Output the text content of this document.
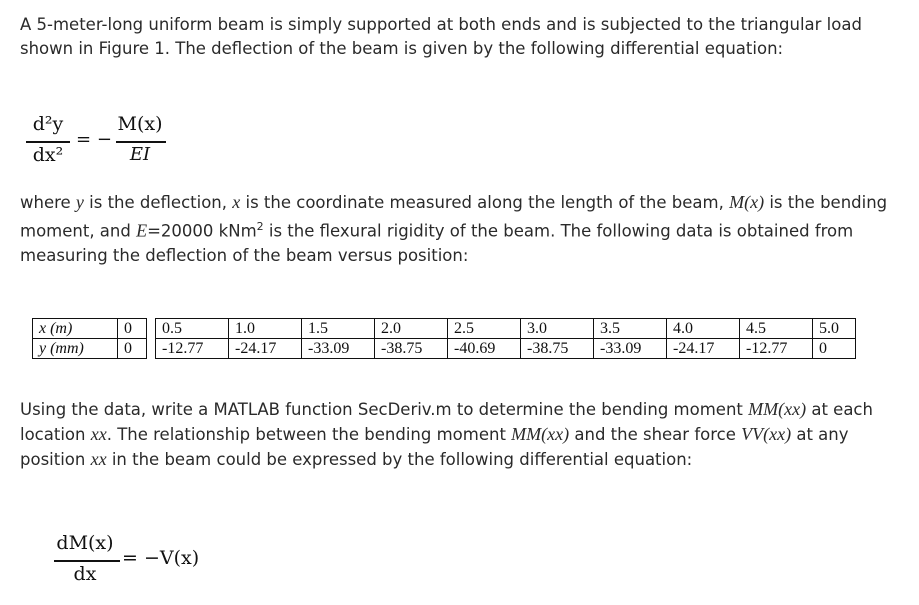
A 5-meter-long uniform beam is simply supported at both ends and is subjected to the triangular load
shown in Figure 1. The deflection of the beam is given by the following differential equation:
d²y
dx²
= −
M(x)
EI
where y is the deflection, x is the coordinate measured along the length of the beam, M(x) is the bending
moment, and E=20000 kNm$^2$ is the flexural rigidity of the beam. The following data is obtained from
measuring the deflection of the beam versus position:
x (m)	0		0.5	1.0	1.5	2.0	2.5	3.0	3.5	4.0	4.5	5.0
y (mm)	0		-12.77	-24.17	-33.09	-38.75	-40.69	-38.75	-33.09	-24.17	-12.77	0
Using the data, write a MATLAB function SecDeriv.m to determine the bending moment MM(xx) at each
location xx. The relationship between the bending moment MM(xx) and the shear force VV(xx) at any
position xx in the beam could be expressed by the following differential equation:
dM(x)
dx
= −V(x)
